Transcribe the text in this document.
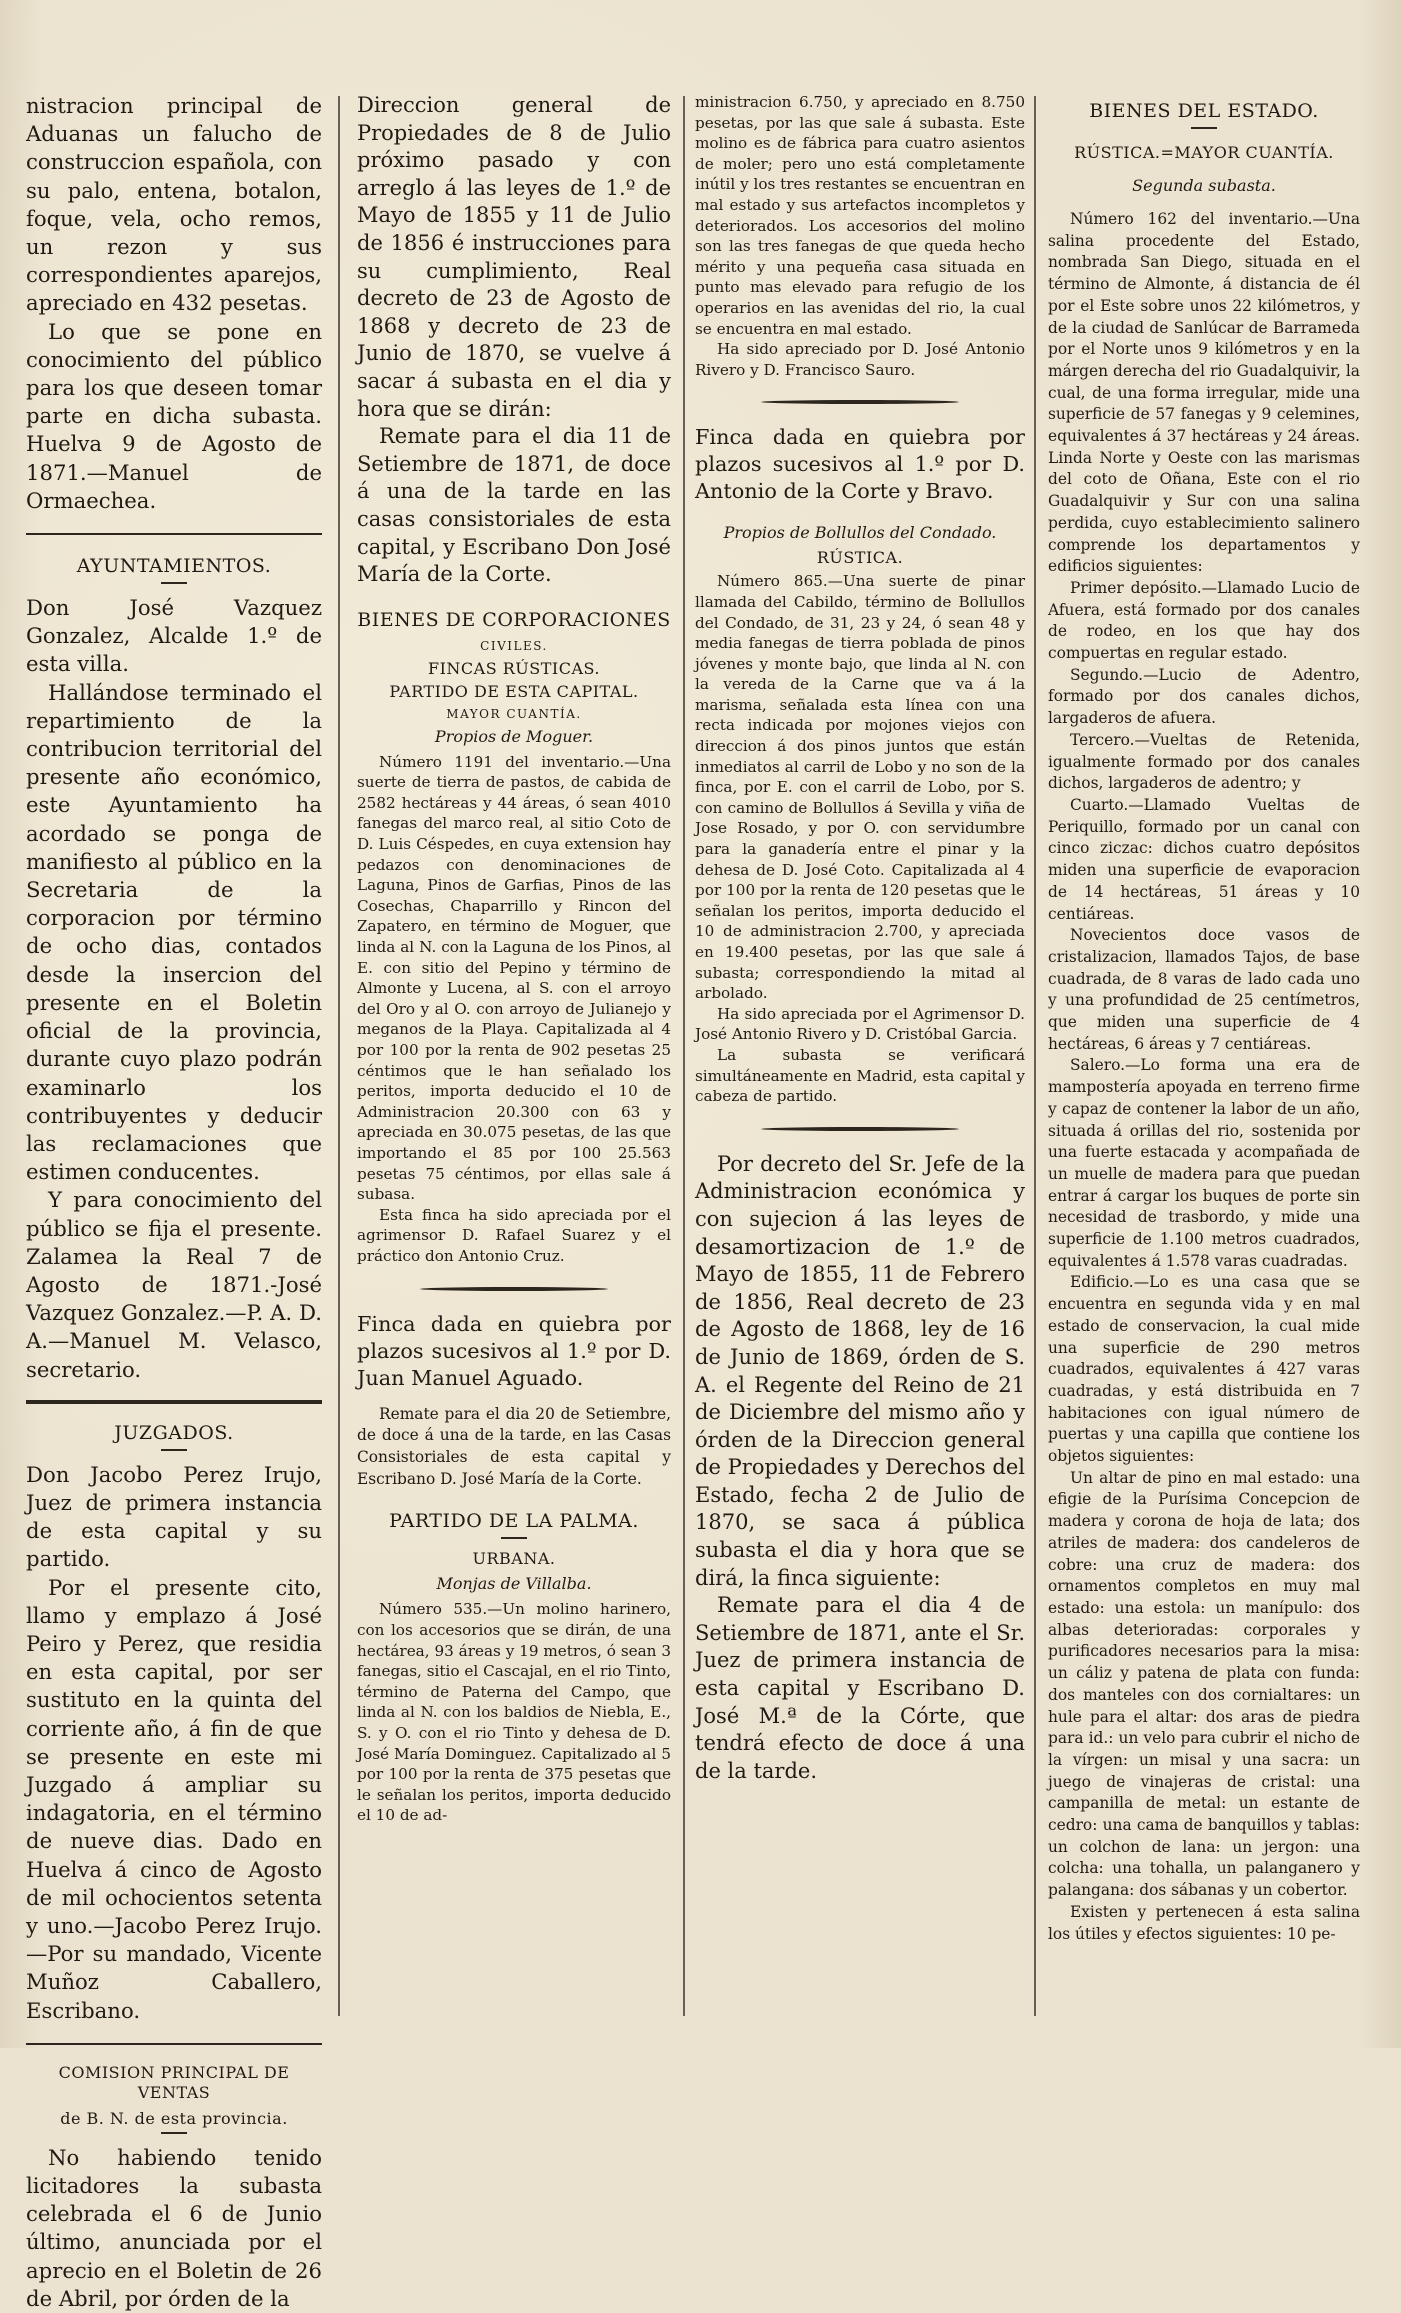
nistracion principal de Aduanas un falucho de construccion española, con su palo, entena, botalon, foque, vela, ocho remos, un rezon y sus correspondientes aparejos, apreciado en 432 pesetas.

Lo que se pone en conocimiento del público para los que deseen tomar parte en dicha subasta. Huelva 9 de Agosto de 1871.—Manuel de Ormaechea.

AYUNTAMIENTOS.

Don José Vazquez Gonzalez, Alcalde 1.º de esta villa.

Hallándose terminado el repartimiento de la contribucion territorial del presente año económico, este Ayuntamiento ha acordado se ponga de manifiesto al público en la Secretaria de la corporacion por término de ocho dias, contados desde la insercion del presente en el Boletin oficial de la provincia, durante cuyo plazo podrán examinarlo los contribuyentes y deducir las reclamaciones que estimen conducentes.

Y para conocimiento del público se fija el presente. Zalamea la Real 7 de Agosto de 1871.-José Vazquez Gonzalez.—P. A. D. A.—Manuel M. Velasco, secretario.

JUZGADOS.

Don Jacobo Perez Irujo, Juez de primera instancia de esta capital y su partido.

Por el presente cito, llamo y emplazo á José Peiro y Perez, que residia en esta capital, por ser sustituto en la quinta del corriente año, á fin de que se presente en este mi Juzgado á ampliar su indagatoria, en el término de nueve dias. Dado en Huelva á cinco de Agosto de mil ochocientos setenta y uno.—Jacobo Perez Irujo.—Por su mandado, Vicente Muñoz Caballero, Escribano.

COMISION PRINCIPAL DE VENTAS
de B. N. de esta provincia.

No habiendo tenido licitadores la subasta celebrada el 6 de Junio último, anunciada por el aprecio en el Boletin de 26 de Abril, por órden de la

Direccion general de Propiedades de 8 de Julio próximo pasado y con arreglo á las leyes de 1.º de Mayo de 1855 y 11 de Julio de 1856 é instrucciones para su cumplimiento, Real decreto de 23 de Agosto de 1868 y decreto de 23 de Junio de 1870, se vuelve á sacar á subasta en el dia y hora que se dirán:

Remate para el dia 11 de Setiembre de 1871, de doce á una de la tarde en las casas consistoriales de esta capital, y Escribano Don José María de la Corte.

BIENES DE CORPORACIONES
CIVILES.
FINCAS RÚSTICAS.
PARTIDO DE ESTA CAPITAL.
MAYOR CUANTÍA.
Propios de Moguer.

Número 1191 del inventario.—Una suerte de tierra de pastos, de cabida de 2582 hectáreas y 44 áreas, ó sean 4010 fanegas del marco real, al sitio Coto de D. Luis Céspedes, en cuya extension hay pedazos con denominaciones de Laguna, Pinos de Garfias, Pinos de las Cosechas, Chaparrillo y Rincon del Zapatero, en término de Moguer, que linda al N. con la Laguna de los Pinos, al E. con sitio del Pepino y término de Almonte y Lucena, al S. con el arroyo del Oro y al O. con arroyo de Julianejo y meganos de la Playa. Capitalizada al 4 por 100 por la renta de 902 pesetas 25 céntimos que le han señalado los peritos, importa deducido el 10 de Administracion 20.300 con 63 y apreciada en 30.075 pesetas, de las que importando el 85 por 100 25.563 pesetas 75 céntimos, por ellas sale á subasa.

Esta finca ha sido apreciada por el agrimensor D. Rafael Suarez y el práctico don Antonio Cruz.

Finca dada en quiebra por plazos sucesivos al 1.º por D. Juan Manuel Aguado.

Remate para el dia 20 de Setiembre, de doce á una de la tarde, en las Casas Consistoriales de esta capital y Escribano D. José María de la Corte.

PARTIDO DE LA PALMA.
URBANA.
Monjas de Villalba.

Número 535.—Un molino harinero, con los accesorios que se dirán, de una hectárea, 93 áreas y 19 metros, ó sean 3 fanegas, sitio el Cascajal, en el rio Tinto, término de Paterna del Campo, que linda al N. con los baldios de Niebla, E., S. y O. con el rio Tinto y dehesa de D. José María Dominguez. Capitalizado al 5 por 100 por la renta de 375 pesetas que le señalan los peritos, importa deducido el 10 de ad-

ministracion 6.750, y apreciado en 8.750 pesetas, por las que sale á subasta. Este molino es de fábrica para cuatro asientos de moler; pero uno está completamente inútil y los tres restantes se encuentran en mal estado y sus artefactos incompletos y deteriorados. Los accesorios del molino son las tres fanegas de que queda hecho mérito y una pequeña casa situada en punto mas elevado para refugio de los operarios en las avenidas del rio, la cual se encuentra en mal estado.

Ha sido apreciado por D. José Antonio Rivero y D. Francisco Sauro.

Finca dada en quiebra por plazos sucesivos al 1.º por D. Antonio de la Corte y Bravo.

Propios de Bollullos del Condado.
RÚSTICA.

Número 865.—Una suerte de pinar llamada del Cabildo, término de Bollullos del Condado, de 31, 23 y 24, ó sean 48 y media fanegas de tierra poblada de pinos jóvenes y monte bajo, que linda al N. con la vereda de la Carne que va á la marisma, señalada esta línea con una recta indicada por mojones viejos con direccion á dos pinos juntos que están inmediatos al carril de Lobo y no son de la finca, por E. con el carril de Lobo, por S. con camino de Bollullos á Sevilla y viña de Jose Rosado, y por O. con servidumbre para la ganadería entre el pinar y la dehesa de D. José Coto. Capitalizada al 4 por 100 por la renta de 120 pesetas que le señalan los peritos, importa deducido el 10 de administracion 2.700, y apreciada en 19.400 pesetas, por las que sale á subasta; correspondiendo la mitad al arbolado.

Ha sido apreciada por el Agrimensor D. José Antonio Rivero y D. Cristóbal Garcia.

La subasta se verificará simultáneamente en Madrid, esta capital y cabeza de partido.

Por decreto del Sr. Jefe de la Administracion económica y con sujecion á las leyes de desamortizacion de 1.º de Mayo de 1855, 11 de Febrero de 1856, Real decreto de 23 de Agosto de 1868, ley de 16 de Junio de 1869, órden de S. A. el Regente del Reino de 21 de Diciembre del mismo año y órden de la Direccion general de Propiedades y Derechos del Estado, fecha 2 de Julio de 1870, se saca á pública subasta el dia y hora que se dirá, la finca siguiente:

Remate para el dia 4 de Setiembre de 1871, ante el Sr. Juez de primera instancia de esta capital y Escribano D. José M.ª de la Córte, que tendrá efecto de doce á una de la tarde.

BIENES DEL ESTADO.
RÚSTICA.=MAYOR CUANTÍA.
Segunda subasta.

Número 162 del inventario.—Una salina procedente del Estado, nombrada San Diego, situada en el término de Almonte, á distancia de él por el Este sobre unos 22 kilómetros, y de la ciudad de Sanlúcar de Barrameda por el Norte unos 9 kilómetros y en la márgen derecha del rio Guadalquivir, la cual, de una forma irregular, mide una superficie de 57 fanegas y 9 celemines, equivalentes á 37 hectáreas y 24 áreas. Linda Norte y Oeste con las marismas del coto de Oñana, Este con el rio Guadalquivir y Sur con una salina perdida, cuyo establecimiento salinero comprende los departamentos y edificios siguientes:

Primer depósito.—Llamado Lucio de Afuera, está formado por dos canales de rodeo, en los que hay dos compuertas en regular estado.

Segundo.—Lucio de Adentro, formado por dos canales dichos, largaderos de afuera.

Tercero.—Vueltas de Retenida, igualmente formado por dos canales dichos, largaderos de adentro; y

Cuarto.—Llamado Vueltas de Periquillo, formado por un canal con cinco ziczac: dichos cuatro depósitos miden una superficie de evaporacion de 14 hectáreas, 51 áreas y 10 centiáreas.

Novecientos doce vasos de cristalizacion, llamados Tajos, de base cuadrada, de 8 varas de lado cada uno y una profundidad de 25 centímetros, que miden una superficie de 4 hectáreas, 6 áreas y 7 centiáreas.

Salero.—Lo forma una era de mampostería apoyada en terreno firme y capaz de contener la labor de un año, situada á orillas del rio, sostenida por una fuerte estacada y acompañada de un muelle de madera para que puedan entrar á cargar los buques de porte sin necesidad de trasbordo, y mide una superficie de 1.100 metros cuadrados, equivalentes á 1.578 varas cuadradas.

Edificio.—Lo es una casa que se encuentra en segunda vida y en mal estado de conservacion, la cual mide una superficie de 290 metros cuadrados, equivalentes á 427 varas cuadradas, y está distribuida en 7 habitaciones con igual número de puertas y una capilla que contiene los objetos siguientes:

Un altar de pino en mal estado: una efigie de la Purísima Concepcion de madera y corona de hoja de lata; dos atriles de madera: dos candeleros de cobre: una cruz de madera: dos ornamentos completos en muy mal estado: una estola: un manípulo: dos albas deterioradas: corporales y purificadores necesarios para la misa: un cáliz y patena de plata con funda: dos manteles con dos cornialtares: un hule para el altar: dos aras de piedra para id.: un velo para cubrir el nicho de la vírgen: un misal y una sacra: un juego de vinajeras de cristal: una campanilla de metal: un estante de cedro: una cama de banquillos y tablas: un colchon de lana: un jergon: una colcha: una tohalla, un palanganero y palangana: dos sábanas y un cobertor.

Existen y pertenecen á esta salina los útiles y efectos siguientes: 10 pe-
